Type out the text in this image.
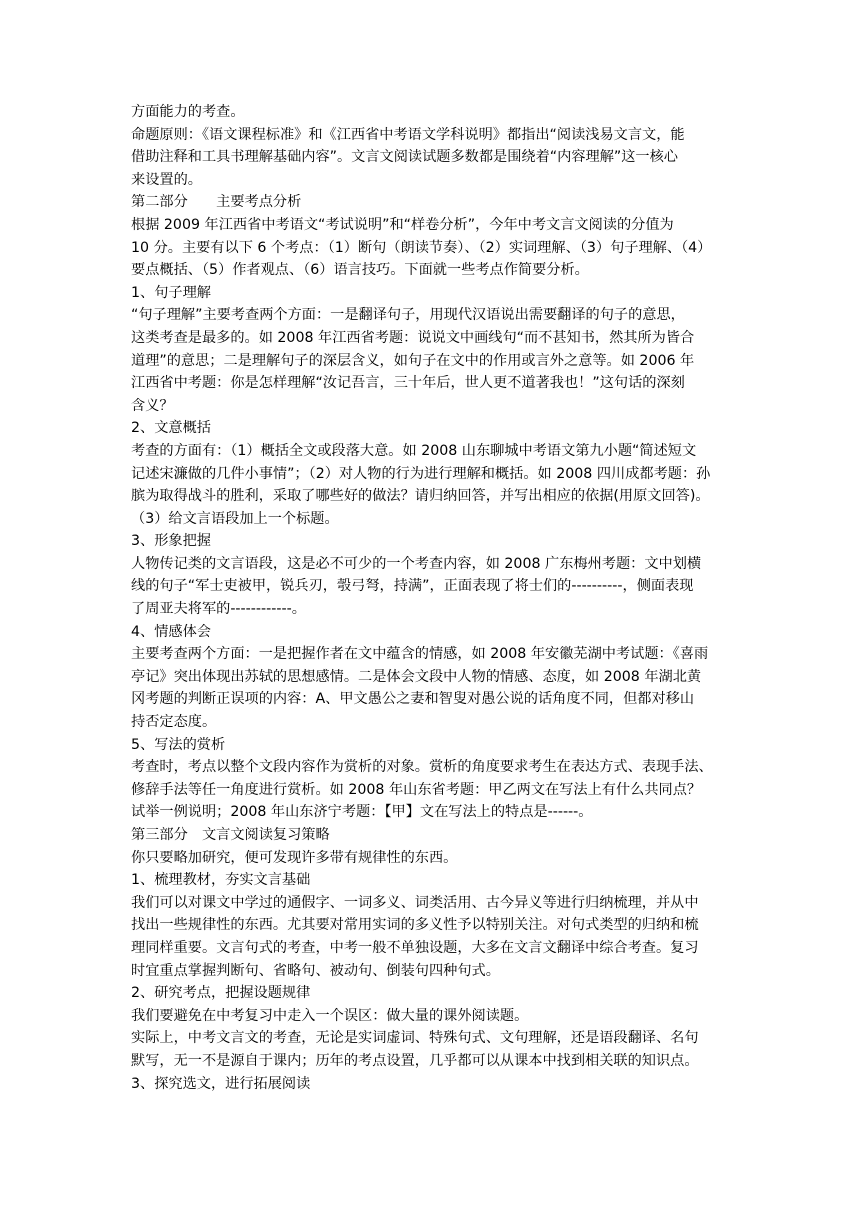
方面能力的考查。
命题原则：《语文课程标准》和《江西省中考语文学科说明》都指出“阅读浅易文言文，能
借助注释和工具书理解基础内容”。文言文阅读试题多数都是围绕着“内容理解”这一核心
来设置的。
第二部分　　主要考点分析
根据 2009 年江西省中考语文“考试说明”和“样卷分析”，今年中考文言文阅读的分值为
10 分。主要有以下 6 个考点：（1）断句（朗读节奏）、（2）实词理解、（3）句子理解、（4）
要点概括、（5）作者观点、（6）语言技巧。下面就一些考点作简要分析。
1、句子理解
“句子理解”主要考查两个方面：一是翻译句子，用现代汉语说出需要翻译的句子的意思，
这类考查是最多的。如 2008 年江西省考题：说说文中画线句“而不甚知书，然其所为皆合
道理”的意思；二是理解句子的深层含义，如句子在文中的作用或言外之意等。如 2006 年
江西省中考题：你是怎样理解“汝记吾言，三十年后，世人更不道著我也！”这句话的深刻
含义？
2、文意概括
考查的方面有：（1）概括全文或段落大意。如 2008 山东聊城中考语文第九小题“简述短文
记述宋濂做的几件小事情”；（2）对人物的行为进行理解和概括。如 2008 四川成都考题：孙
膑为取得战斗的胜利，采取了哪些好的做法？请归纳回答，并写出相应的依据(用原文回答)。
（3）给文言语段加上一个标题。
3、形象把握
人物传记类的文言语段，这是必不可少的一个考查内容，如 2008 广东梅州考题：文中划横
线的句子“军士吏被甲，锐兵刃，彀弓弩，持满”，正面表现了将士们的----------，侧面表现
了周亚夫将军的------------。
4、情感体会
主要考查两个方面：一是把握作者在文中蕴含的情感，如 2008 年安徽芜湖中考试题：《喜雨
亭记》突出体现出苏轼的思想感情。二是体会文段中人物的情感、态度，如 2008 年湖北黄
冈考题的判断正误项的内容：A、甲文愚公之妻和智叟对愚公说的话角度不同，但都对移山
持否定态度。
5、写法的赏析
考查时，考点以整个文段内容作为赏析的对象。赏析的角度要求考生在表达方式、表现手法、
修辞手法等任一角度进行赏析。如 2008 年山东省考题：甲乙两文在写法上有什么共同点？
试举一例说明；2008 年山东济宁考题：【甲】文在写法上的特点是------。
第三部分　文言文阅读复习策略
你只要略加研究，便可发现许多带有规律性的东西。
1、梳理教材，夯实文言基础
我们可以对课文中学过的通假字、一词多义、词类活用、古今异义等进行归纳梳理，并从中
找出一些规律性的东西。尤其要对常用实词的多义性予以特别关注。对句式类型的归纳和梳
理同样重要。文言句式的考查，中考一般不单独设题，大多在文言文翻译中综合考查。复习
时宜重点掌握判断句、省略句、被动句、倒装句四种句式。
2、研究考点，把握设题规律
我们要避免在中考复习中走入一个误区：做大量的课外阅读题。
实际上，中考文言文的考查，无论是实词虚词、特殊句式、文句理解，还是语段翻译、名句
默写，无一不是源自于课内；历年的考点设置，几乎都可以从课本中找到相关联的知识点。
3、探究选文，进行拓展阅读
